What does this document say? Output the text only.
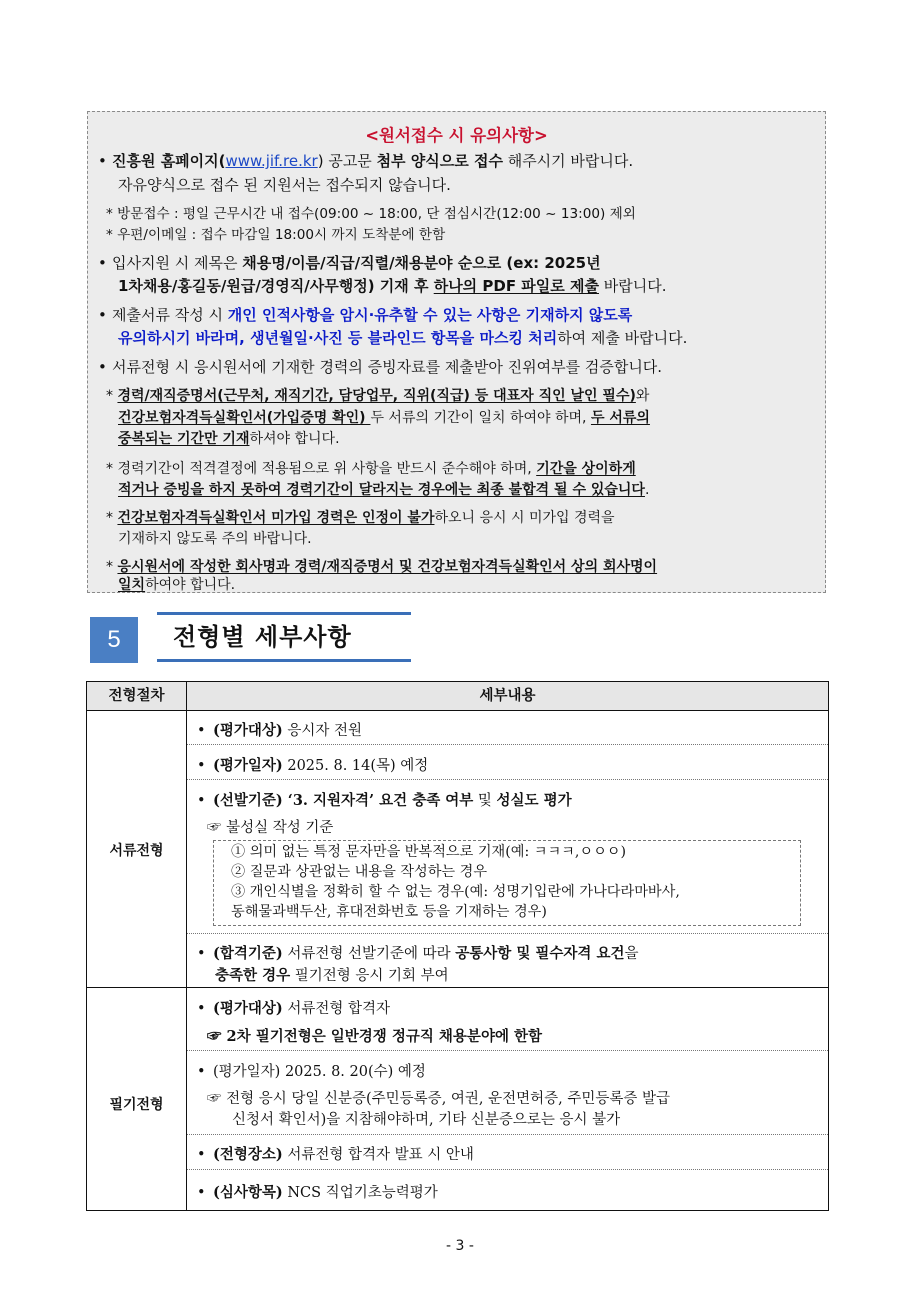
<원서접수 시 유의사항>
• 진흥원 홈페이지(www.jif.re.kr) 공고문 첨부 양식으로 접수 해주시기 바랍니다.
자유양식으로 접수 된 지원서는 접수되지 않습니다.
* 방문접수 : 평일 근무시간 내 접수(09:00 ~ 18:00, 단 점심시간(12:00 ~ 13:00) 제외
* 우편/이메일 : 접수 마감일 18:00시 까지 도착분에 한함
• 입사지원 시 제목은 채용명/이름/직급/직렬/채용분야 순으로 (ex: 2025년
1차채용/홍길동/원급/경영직/사무행정) 기재 후 하나의 PDF 파일로 제출 바랍니다.
• 제출서류 작성 시 개인 인적사항을 암시·유추할 수 있는 사항은 기재하지 않도록
유의하시기 바라며, 생년월일·사진 등 블라인드 항목을 마스킹 처리하여 제출 바랍니다.
• 서류전형 시 응시원서에 기재한 경력의 증빙자료를 제출받아 진위여부를 검증합니다.
* 경력/재직증명서(근무처, 재직기간, 담당업무, 직위(직급) 등 대표자 직인 날인 필수)와
건강보험자격득실확인서(가입증명 확인) 두 서류의 기간이 일치 하여야 하며, 두 서류의
중복되는 기간만 기재하셔야 합니다.
* 경력기간이 적격결정에 적용됨으로 위 사항을 반드시 준수해야 하며, 기간을 상이하게
적거나 증빙을 하지 못하여 경력기간이 달라지는 경우에는 최종 불합격 될 수 있습니다.
* 건강보험자격득실확인서 미가입 경력은 인정이 불가하오니 응시 시 미가입 경력을
기재하지 않도록 주의 바랍니다.
* 응시원서에 작성한 회사명과 경력/재직증명서 및 건강보험자격득실확인서 상의 회사명이
일치하여야 합니다.
5	전형별 세부사항
전형절차	세부내용
서류전형
• (평가대상) 응시자 전원
• (평가일자) 2025. 8. 14(목) 예정
• (선발기준) ‘3. 지원자격’ 요건 충족 여부 및 성실도 평가
☞ 불성실 작성 기준
① 의미 없는 특정 문자만을 반복적으로 기재(예: ㅋㅋㅋ,ㅇㅇㅇ)
② 질문과 상관없는 내용을 작성하는 경우
③ 개인식별을 정확히 할 수 없는 경우(예: 성명기입란에 가나다라마바사,
동해물과백두산, 휴대전화번호 등을 기재하는 경우)
• (합격기준) 서류전형 선발기준에 따라 공통사항 및 필수자격 요건을
충족한 경우 필기전형 응시 기회 부여
필기전형
• (평가대상) 서류전형 합격자
☞ 2차 필기전형은 일반경쟁 정규직 채용분야에 한함
• (평가일자) 2025. 8. 20(수) 예정
☞ 전형 응시 당일 신분증(주민등록증, 여권, 운전면허증, 주민등록증 발급
신청서 확인서)을 지참해야하며, 기타 신분증으로는 응시 불가
• (전형장소) 서류전형 합격자 발표 시 안내
• (심사항목) NCS 직업기초능력평가
- 3 -
